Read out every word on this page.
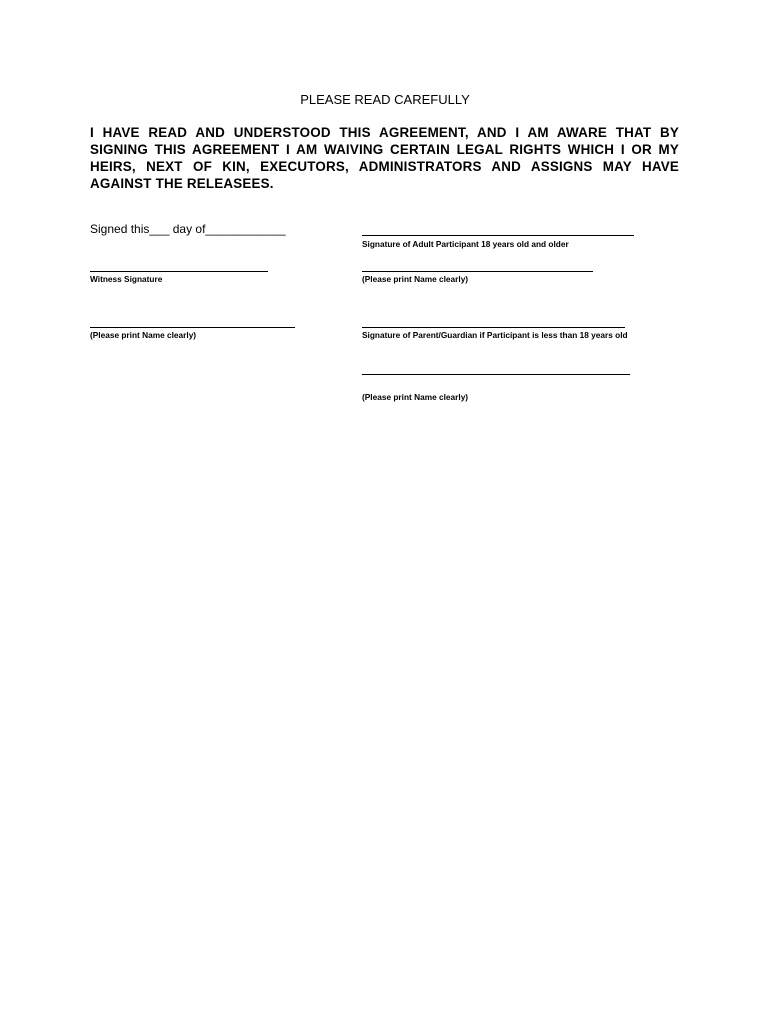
PLEASE READ CAREFULLY
I HAVE READ AND UNDERSTOOD THIS AGREEMENT, AND I AM AWARE THAT BY SIGNING THIS AGREEMENT I AM WAIVING CERTAIN LEGAL RIGHTS WHICH I OR MY HEIRS, NEXT OF KIN, EXECUTORS, ADMINISTRATORS AND ASSIGNS MAY HAVE AGAINST THE RELEASEES.
Signed this___ day of____________
Witness Signature
(Please print Name clearly)
Signature of Adult Participant 18 years old and older
(Please print Name clearly)
Signature of Parent/Guardian if Participant is less than 18 years old
(Please print Name clearly)
